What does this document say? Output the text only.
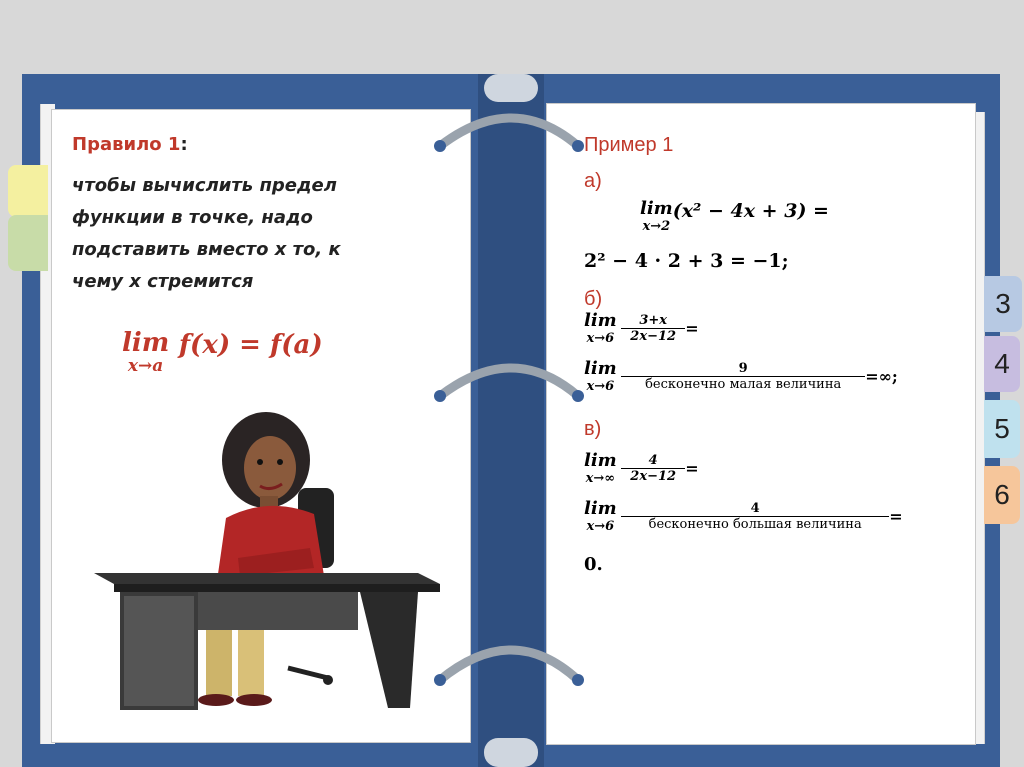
3
4
5
6
Правило 1:
чтобы вычислить предел
функции в точке, надо
подставить вместо х то, к
чему х стремится
lim
x→a
f(x) = f(a)
Пример 1
а)
lim
x→2
(x² − 4x + 3) =
2² − 4 · 2 + 3 = −1;
б)
lim
x→6
$\frac{3+x}{2x-12}$ =
lim
x→6
$\frac{9}{\text{бесконечно малая величина}}$ =∞;
в)
lim
x→∞
$\frac{4}{2x-12}$ =
lim
x→6
$\frac{4}{\text{бесконечно большая величина}}$ =
0.
